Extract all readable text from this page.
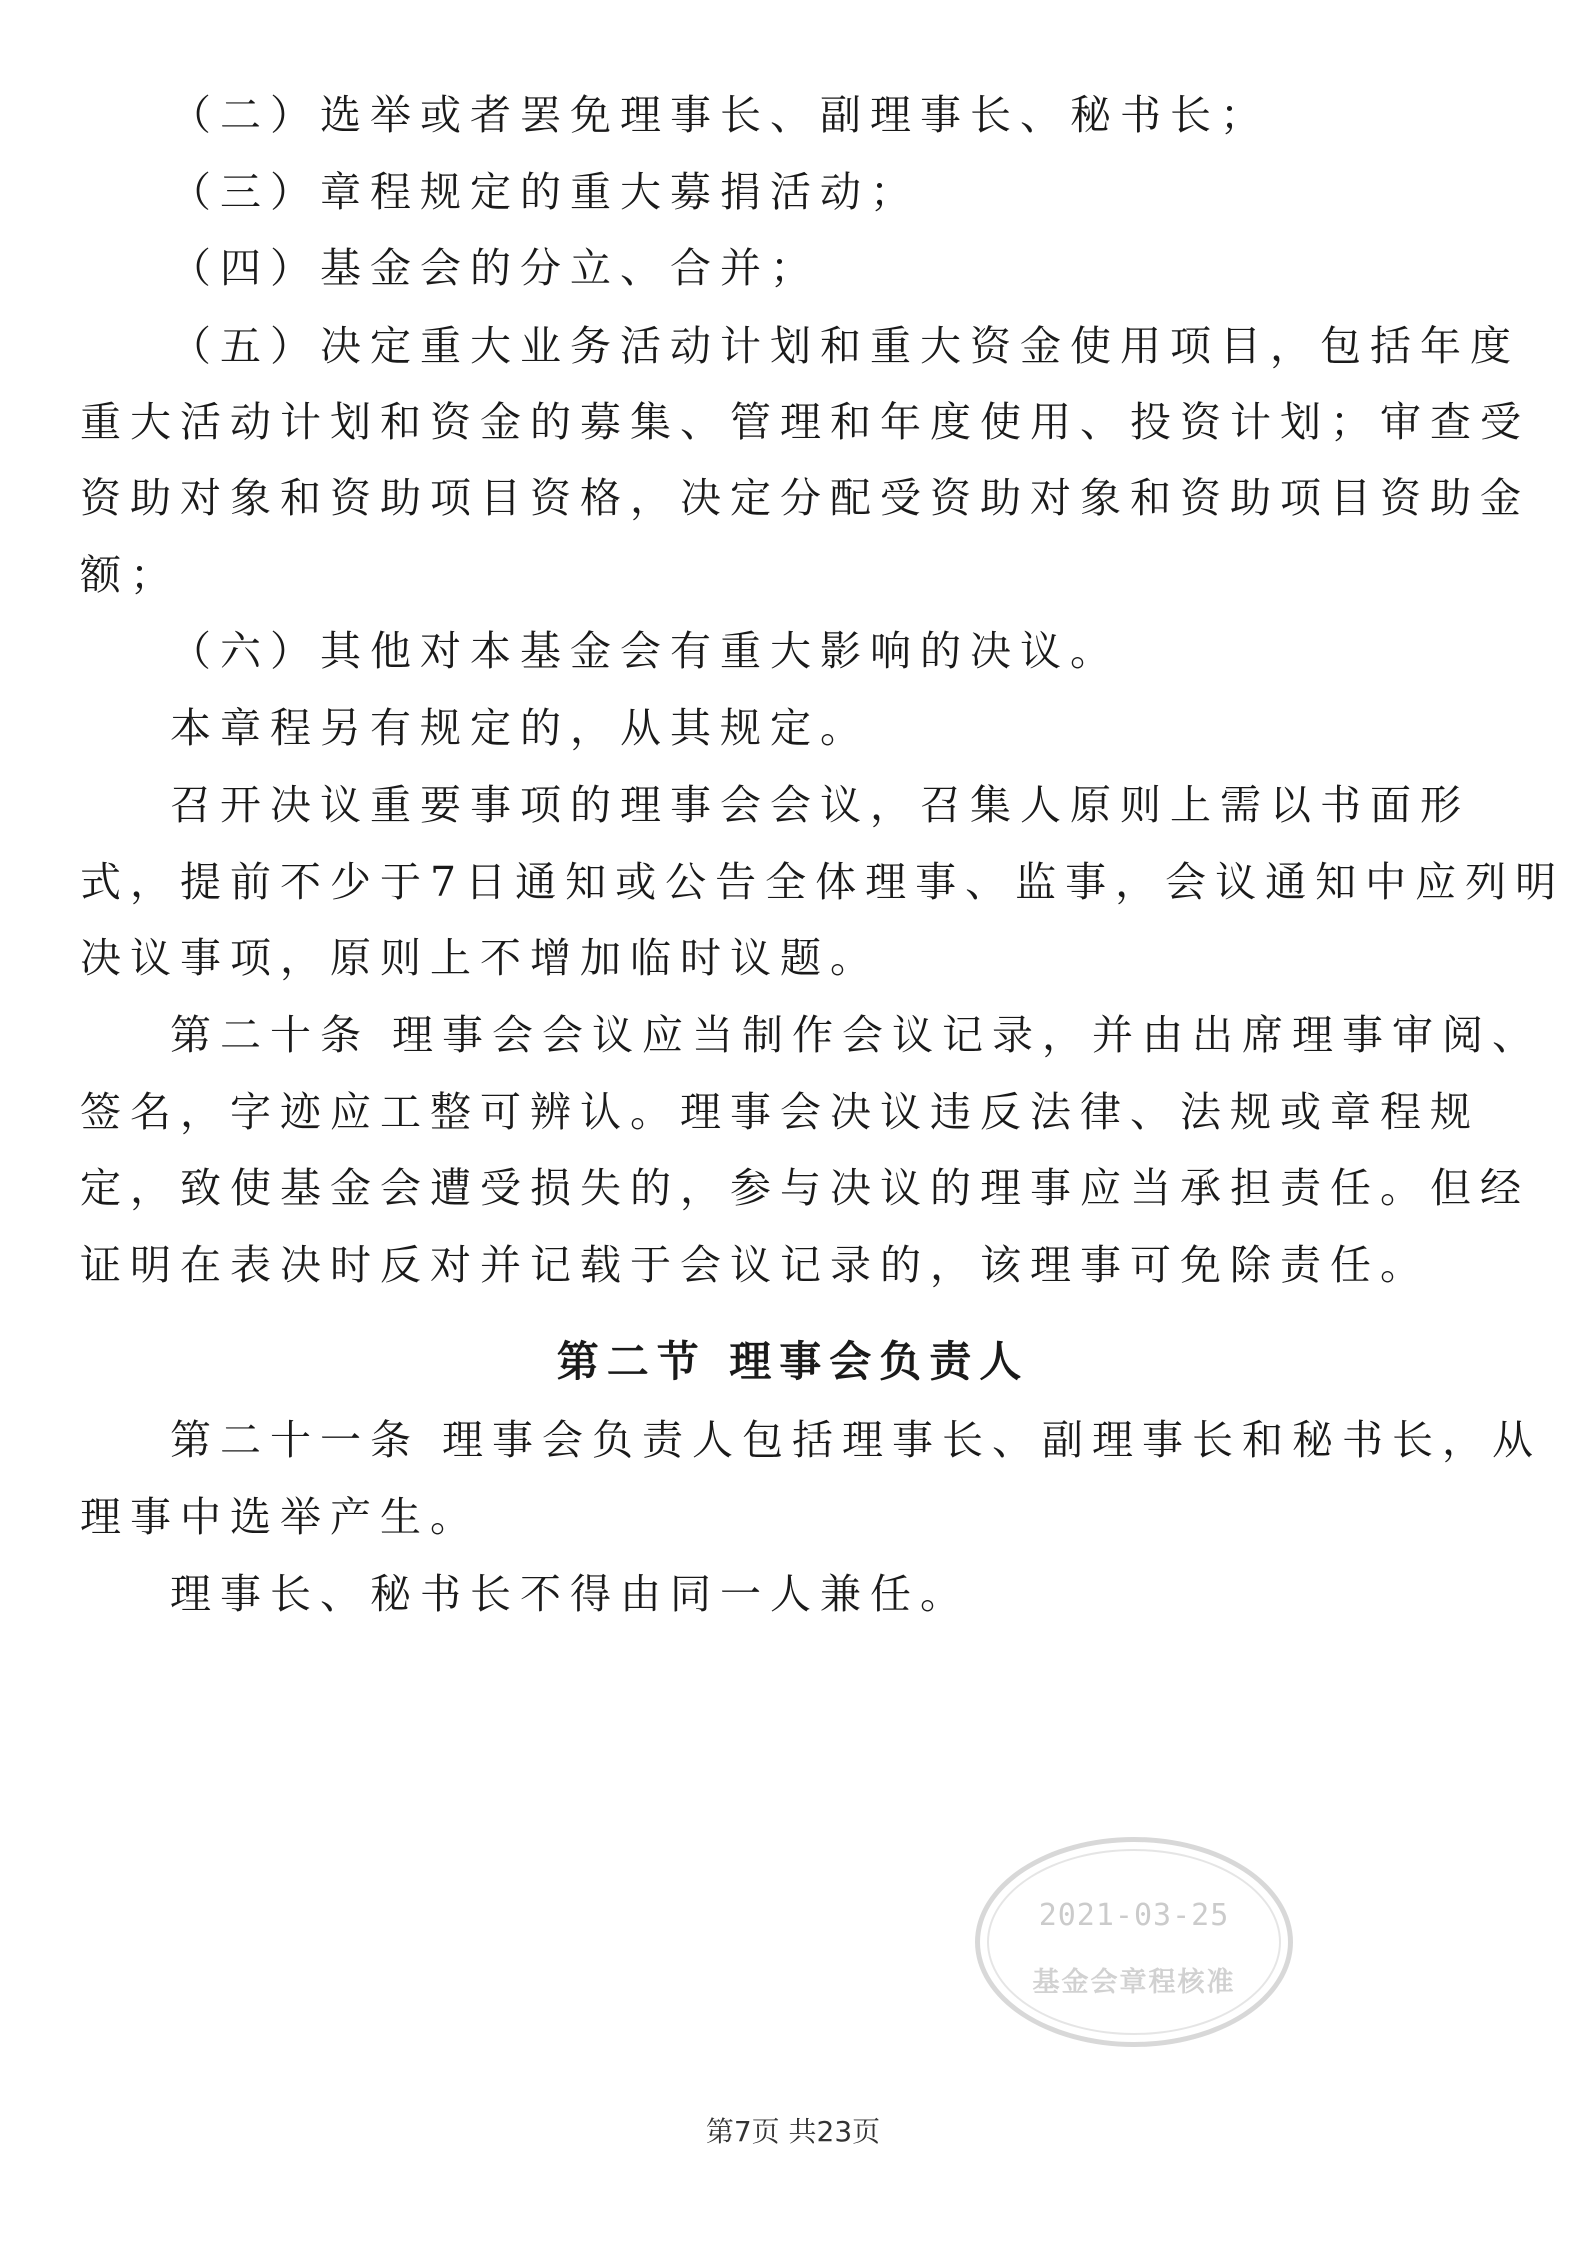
（二）选举或者罢免理事长、副理事长、秘书长；
（三）章程规定的重大募捐活动；
（四）基金会的分立、合并；
（五）决定重大业务活动计划和重大资金使用项目，包括年度
重大活动计划和资金的募集、管理和年度使用、投资计划；审查受
资助对象和资助项目资格，决定分配受资助对象和资助项目资助金
额；
（六）其他对本基金会有重大影响的决议。
本章程另有规定的，从其规定。
召开决议重要事项的理事会会议，召集人原则上需以书面形
式，提前不少于7日通知或公告全体理事、监事，会议通知中应列明
决议事项，原则上不增加临时议题。
第二十条 理事会会议应当制作会议记录，并由出席理事审阅、
签名，字迹应工整可辨认。理事会决议违反法律、法规或章程规
定，致使基金会遭受损失的，参与决议的理事应当承担责任。但经
证明在表决时反对并记载于会议记录的，该理事可免除责任。
第二节 理事会负责人
第二十一条 理事会负责人包括理事长、副理事长和秘书长，从
理事中选举产生。
理事长、秘书长不得由同一人兼任。
2021-03-25
基金会章程核准
第7页 共23页
